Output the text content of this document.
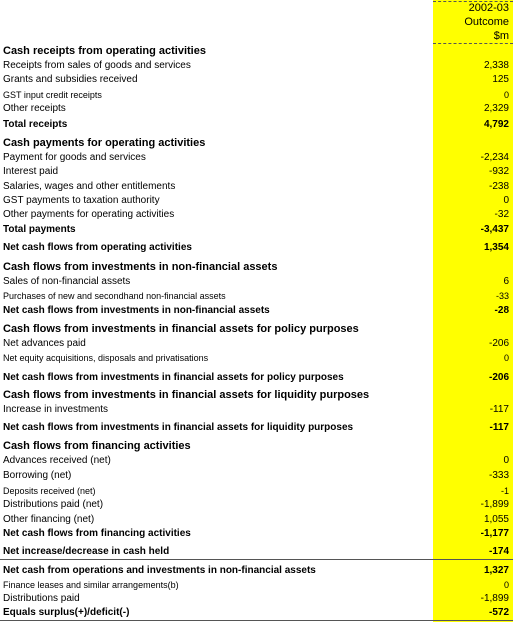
2002-03
Outcome
$m
Cash receipts from operating activities
Receipts from sales of goods and services	2,338
Grants and subsidies received	125
GST input credit receipts	0
Other receipts	2,329
Total receipts	4,792
Cash payments for operating activities
Payment for goods and services	-2,234
Interest paid	-932
Salaries, wages and other entitlements	-238
GST payments to taxation authority	0
Other payments for operating activities	-32
Total payments	-3,437
Net cash flows from operating activities	1,354
Cash flows from investments in non-financial assets
Sales of non-financial assets	6
Purchases of new and secondhand non-financial assets	-33
Net cash flows from investments in non-financial assets	-28
Cash flows from investments in financial assets for policy purposes
Net advances paid	-206
Net equity acquisitions, disposals and privatisations	0
Net cash flows from investments in financial assets for policy purposes	-206
Cash flows from investments in financial assets for liquidity purposes
Increase in investments	-117
Net cash flows from investments in financial assets for liquidity purposes	-117
Cash flows from financing activities
Advances received (net)	0
Borrowing (net)	-333
Deposits received (net)	-1
Distributions paid (net)	-1,899
Other financing (net)	1,055
Net cash flows from financing activities	-1,177
Net increase/decrease in cash held	-174
Net cash from operations and investments in non-financial assets	1,327
Finance leases and similar arrangements(b)	0
Distributions paid	-1,899
Equals surplus(+)/deficit(-)	-572
